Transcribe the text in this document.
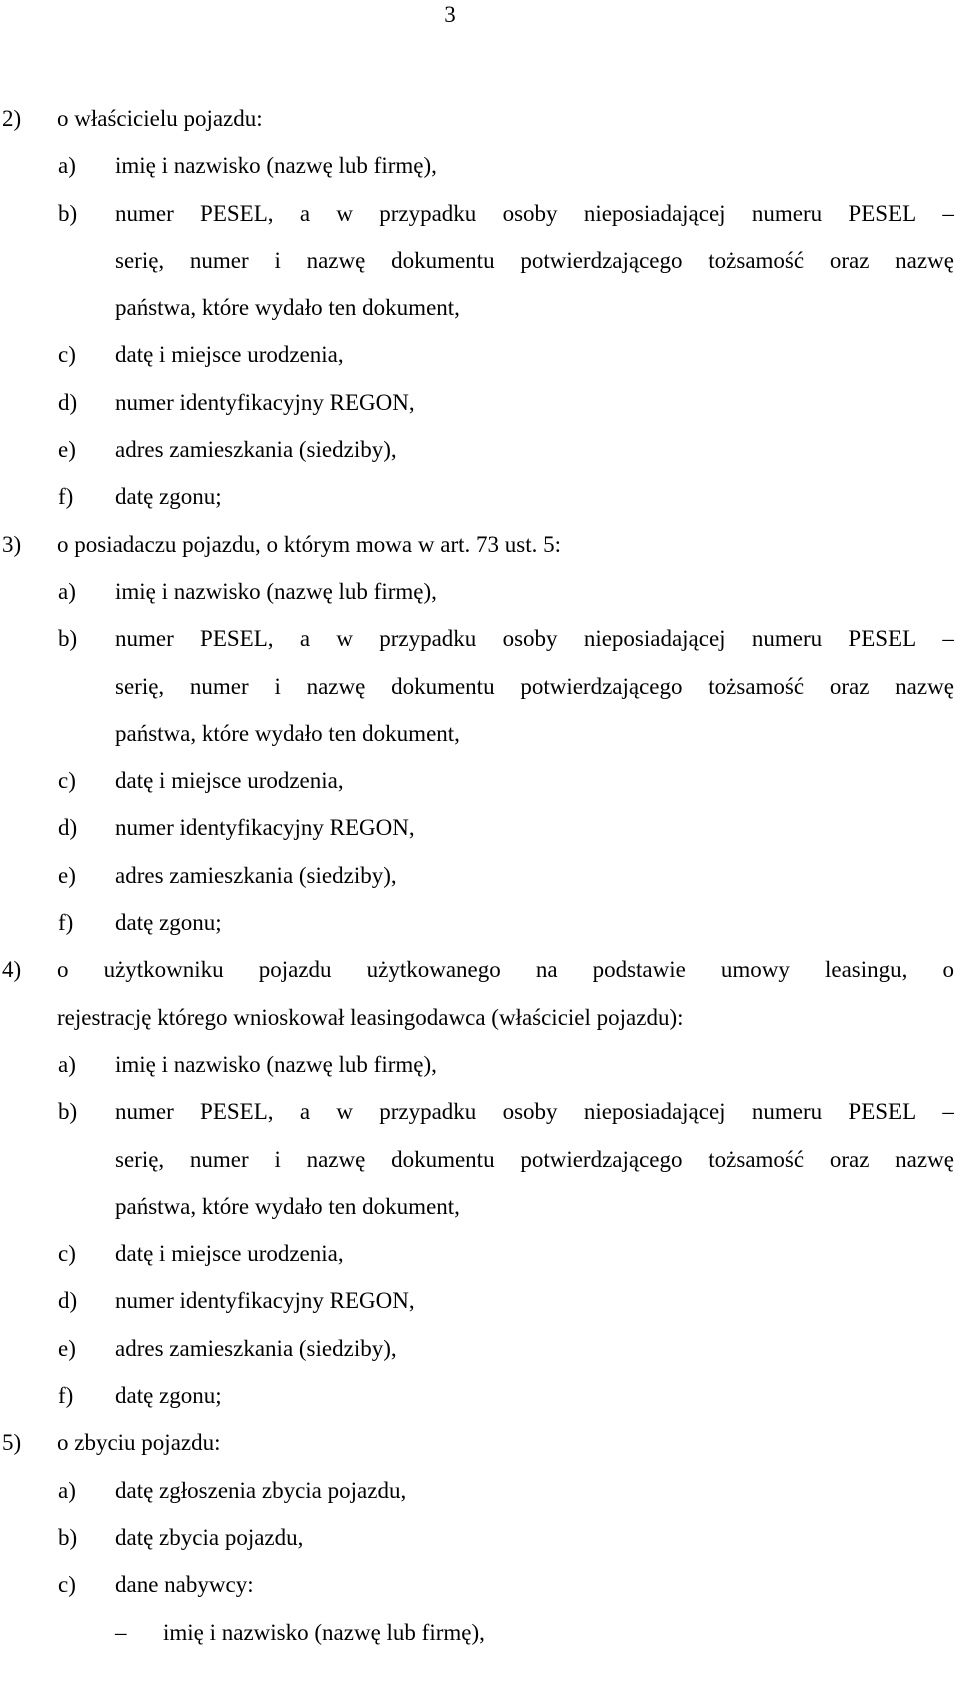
3
2) o właścicielu pojazdu:
a) imię i nazwisko (nazwę lub firmę),
b) numer PESEL, a w przypadku osoby nieposiadającej numeru PESEL –
serię, numer i nazwę dokumentu potwierdzającego tożsamość oraz nazwę
państwa, które wydało ten dokument,
c) datę i miejsce urodzenia,
d) numer identyfikacyjny REGON,
e) adres zamieszkania (siedziby),
f) datę zgonu;
3) o posiadaczu pojazdu, o którym mowa w art. 73 ust. 5:
a) imię i nazwisko (nazwę lub firmę),
b) numer PESEL, a w przypadku osoby nieposiadającej numeru PESEL –
serię, numer i nazwę dokumentu potwierdzającego tożsamość oraz nazwę
państwa, które wydało ten dokument,
c) datę i miejsce urodzenia,
d) numer identyfikacyjny REGON,
e) adres zamieszkania (siedziby),
f) datę zgonu;
4) o użytkowniku pojazdu użytkowanego na podstawie umowy leasingu, o
rejestrację którego wnioskował leasingodawca (właściciel pojazdu):
a) imię i nazwisko (nazwę lub firmę),
b) numer PESEL, a w przypadku osoby nieposiadającej numeru PESEL –
serię, numer i nazwę dokumentu potwierdzającego tożsamość oraz nazwę
państwa, które wydało ten dokument,
c) datę i miejsce urodzenia,
d) numer identyfikacyjny REGON,
e) adres zamieszkania (siedziby),
f) datę zgonu;
5) o zbyciu pojazdu:
a) datę zgłoszenia zbycia pojazdu,
b) datę zbycia pojazdu,
c) dane nabywcy:
– imię i nazwisko (nazwę lub firmę),
